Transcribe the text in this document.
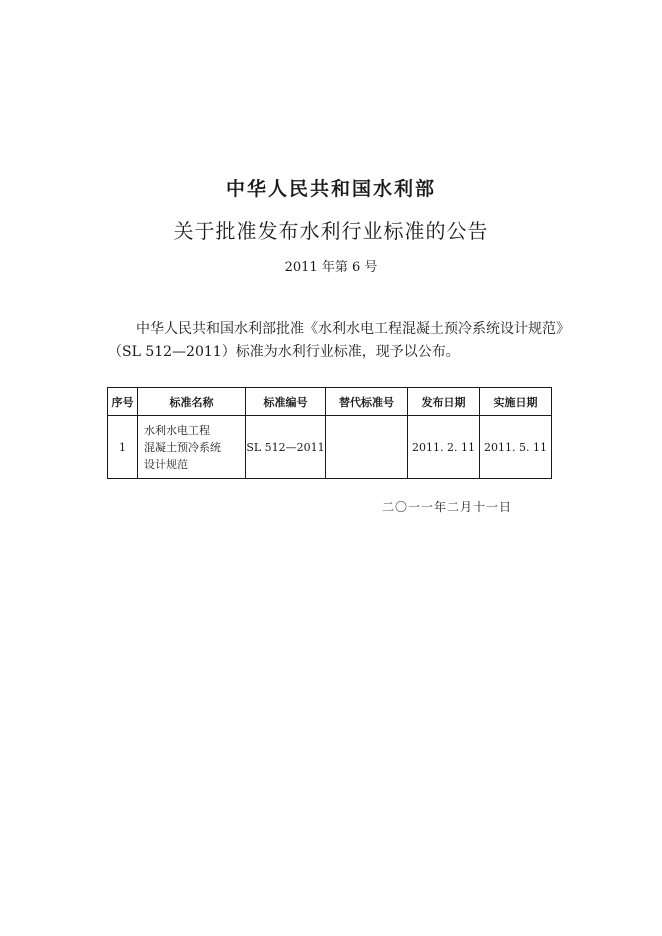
中华人民共和国水利部
关于批准发布水利行业标准的公告
2011 年第 6 号
中华人民共和国水利部批准《水利水电工程混凝土预冷系统设计规范》（SL 512—2011）标准为水利行业标准，现予以公布。
序号	标准名称	标准编号	替代标准号	发布日期	实施日期
1	水利水电工程
混凝土预冷系统
设计规范	SL 512—2011		2011. 2. 11	2011. 5. 11
二〇一一年二月十一日
